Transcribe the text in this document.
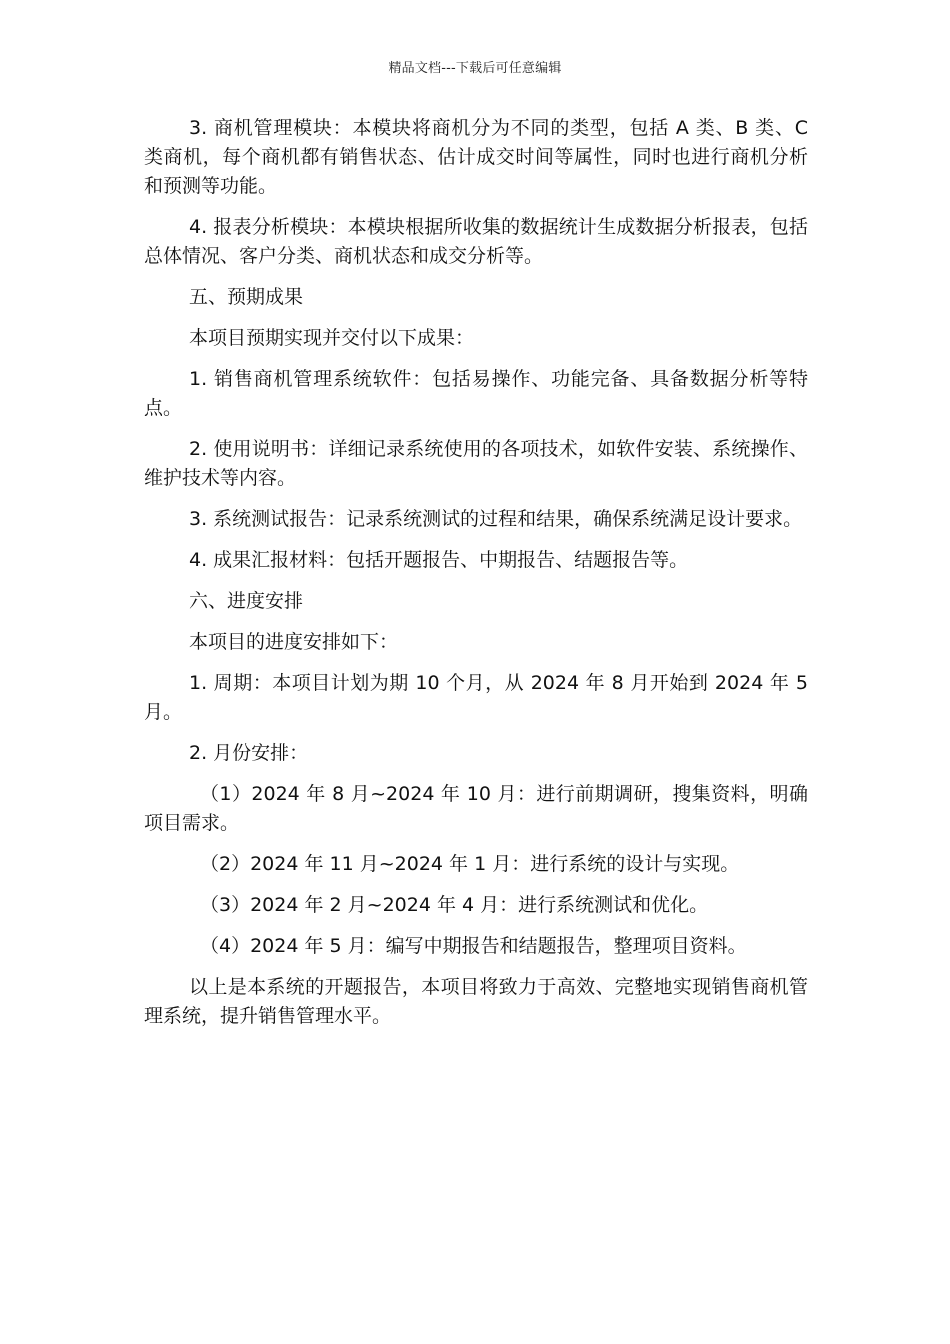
精品文档---下载后可任意编辑

3. 商机管理模块：本模块将商机分为不同的类型，包括 A 类、B 类、C 类商机，每个商机都有销售状态、估计成交时间等属性，同时也进行商机分析和预测等功能。

4. 报表分析模块：本模块根据所收集的数据统计生成数据分析报表，包括总体情况、客户分类、商机状态和成交分析等。

五、预期成果

本项目预期实现并交付以下成果：

1. 销售商机管理系统软件：包括易操作、功能完备、具备数据分析等特点。

2. 使用说明书：详细记录系统使用的各项技术，如软件安装、系统操作、维护技术等内容。

3. 系统测试报告：记录系统测试的过程和结果，确保系统满足设计要求。

4. 成果汇报材料：包括开题报告、中期报告、结题报告等。

六、进度安排

本项目的进度安排如下：

1. 周期：本项目计划为期 10 个月，从 2024 年 8 月开始到 2024 年 5 月。

2. 月份安排：

（1）2024 年 8 月~2024 年 10 月：进行前期调研，搜集资料，明确项目需求。

（2）2024 年 11 月~2024 年 1 月：进行系统的设计与实现。

（3）2024 年 2 月~2024 年 4 月：进行系统测试和优化。

（4）2024 年 5 月：编写中期报告和结题报告，整理项目资料。

以上是本系统的开题报告，本项目将致力于高效、完整地实现销售商机管理系统，提升销售管理水平。
